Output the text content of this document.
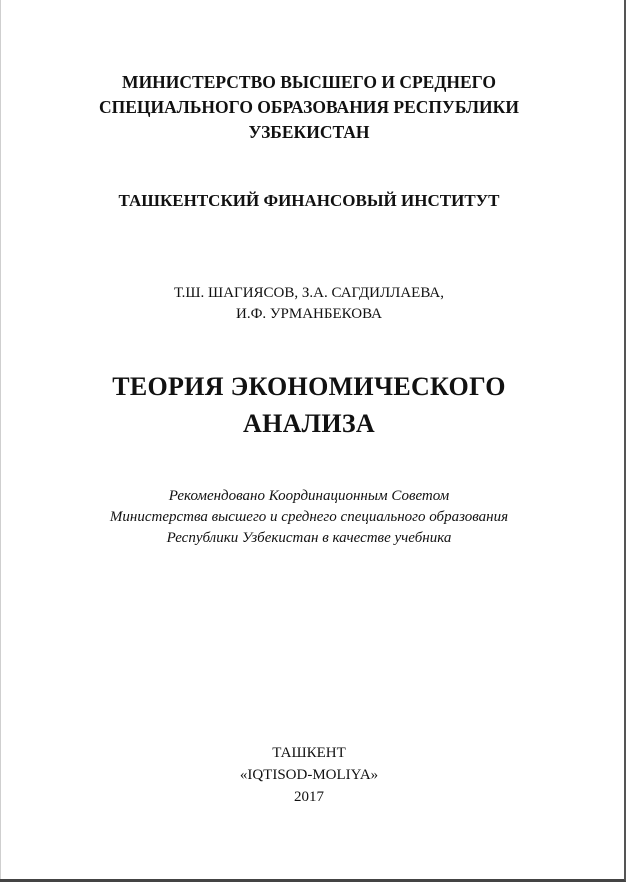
МИНИСТЕРСТВО ВЫСШЕГО И СРЕДНЕГО
СПЕЦИАЛЬНОГО ОБРАЗОВАНИЯ РЕСПУБЛИКИ
УЗБЕКИСТАН
ТАШКЕНТСКИЙ ФИНАНСОВЫЙ ИНСТИТУТ
Т.Ш. ШАГИЯСОВ, З.А. САГДИЛЛАЕВА,
И.Ф. УРМАНБЕКОВА
ТЕОРИЯ ЭКОНОМИЧЕСКОГО
АНАЛИЗА
Рекомендовано Координационным Советом
Министерства высшего и среднего специального образования
Республики Узбекистан в качестве учебника
ТАШКЕНТ
«IQTISOD-MOLIYA»
2017
